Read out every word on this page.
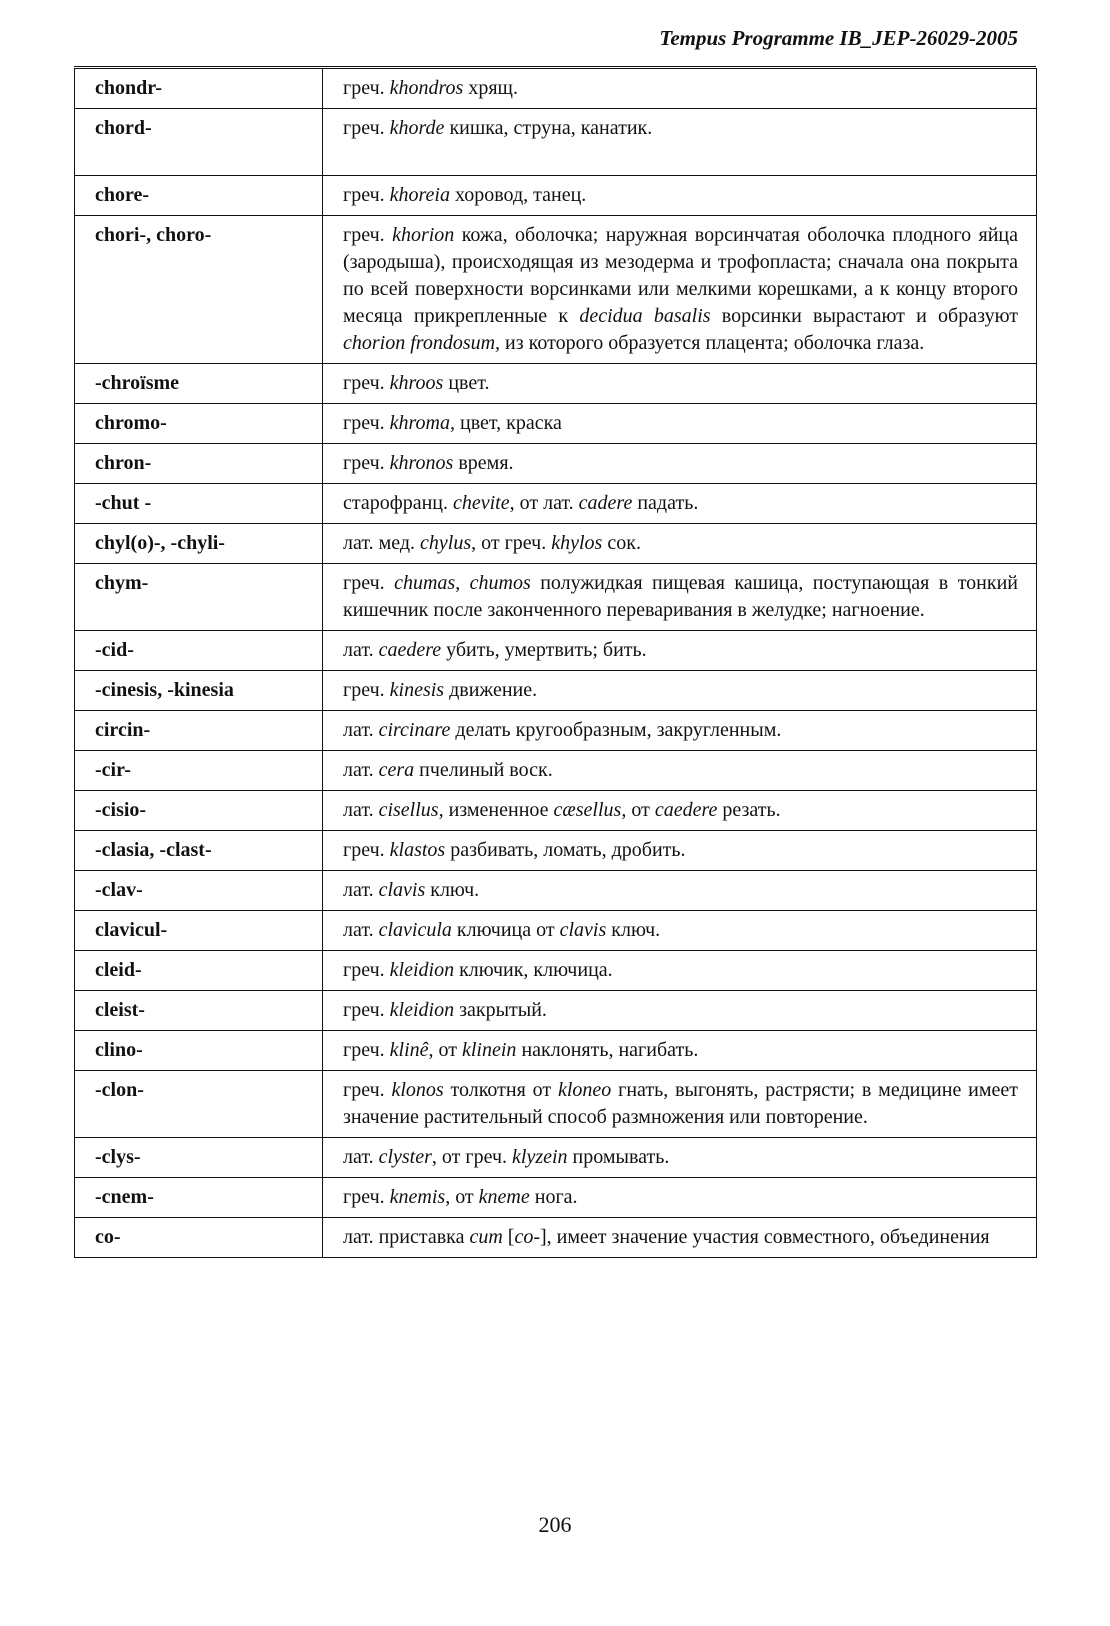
Tempus Programme IB_JEP-26029-2005
chondr-	греч. khondros хрящ.
chord-	греч. khorde кишка, струна, канатик.

chore-	греч. khoreia хоровод, танец.
chori-, choro-	греч. khorion кожа, оболочка; наружная ворсинчатая оболочка плодного яйца (зародыша), происходящая из мезодерма и трофопласта; сначала она покрыта по всей поверхности ворсинками или мелкими корешками, а к концу второго месяца прикрепленные к decidua basalis ворсинки вырастают и образуют chorion frondosum, из которого образуется плацента; оболочка глаза.
-chroïsme	греч. khroos цвет.
chromo-	греч. khroma, цвет, краска
chron-	греч. khronos время.
-chut -	старофранц. chevite, от лат. cadere падать.
chyl(o)-, -chyli-	лат. мед. chylus, от греч. khylos сок.
chym-	греч. chumas, chumos полужидкая пищевая кашица, поступающая в тонкий кишечник после законченного переваривания в желудке; нагноение.
-cid-	лат. caedere убить, умертвить; бить.
-cinesis, -kinesia	греч. kinesis движение.
circin-	лат. circinare делать кругообразным, закругленным.
-cir-	лат. cera пчелиный воск.
-cisio-	лат. cisellus, измененное cæsellus, от caedere резать.
-clasia, -clast-	греч. klastos разбивать, ломать, дробить.
-clav-	лат. clavis ключ.
clavicul-	лат. clavicula ключица от clavis ключ.
cleid-	греч. kleidion ключик, ключица.
cleist-	греч. kleidion закрытый.
clino-	греч. klinê, от klinein наклонять, нагибать.
-clon-	греч. klonos толкотня от kloneo гнать, выгонять, растрясти; в медицине имеет значение растительный способ размножения или повторение.
-clys-	лат. clyster, от греч. klyzein промывать.
-cnem-	греч. knemis, от kneme нога.
co-	лат. приставка cum [co-], имеет значение участия совместного, объединения
206
